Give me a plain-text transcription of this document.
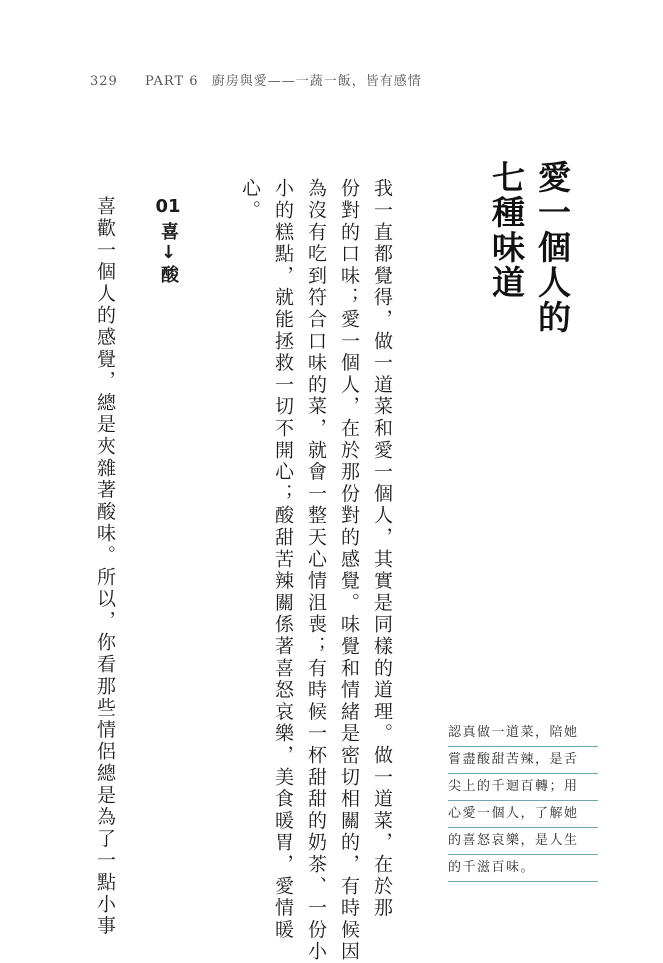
329 PART 6 廚房與愛——一蔬一飯，皆有感情
愛一個人的
七種味道
我一直都覺得，做一道菜和愛一個人，其實是同樣的道理。做一道菜，在於那
份對的口味；愛一個人，在於那份對的感覺。味覺和情緒是密切相關的，有時候因
為沒有吃到符合口味的菜，就會一整天心情沮喪；有時候一杯甜甜的奶茶、一份小
小的糕點，就能拯救一切不開心；酸甜苦辣關係著喜怒哀樂，美食暖胃，愛情暖
心。
01
喜↓酸
喜歡一個人的感覺，總是夾雜著酸味。所以，你看那些情侶總是為了一點小事	認真做一道菜，陪她
嘗盡酸甜苦辣，是舌
尖上的千迴百轉；用
心愛一個人，了解她
的喜怒哀樂，是人生
的千滋百味。
